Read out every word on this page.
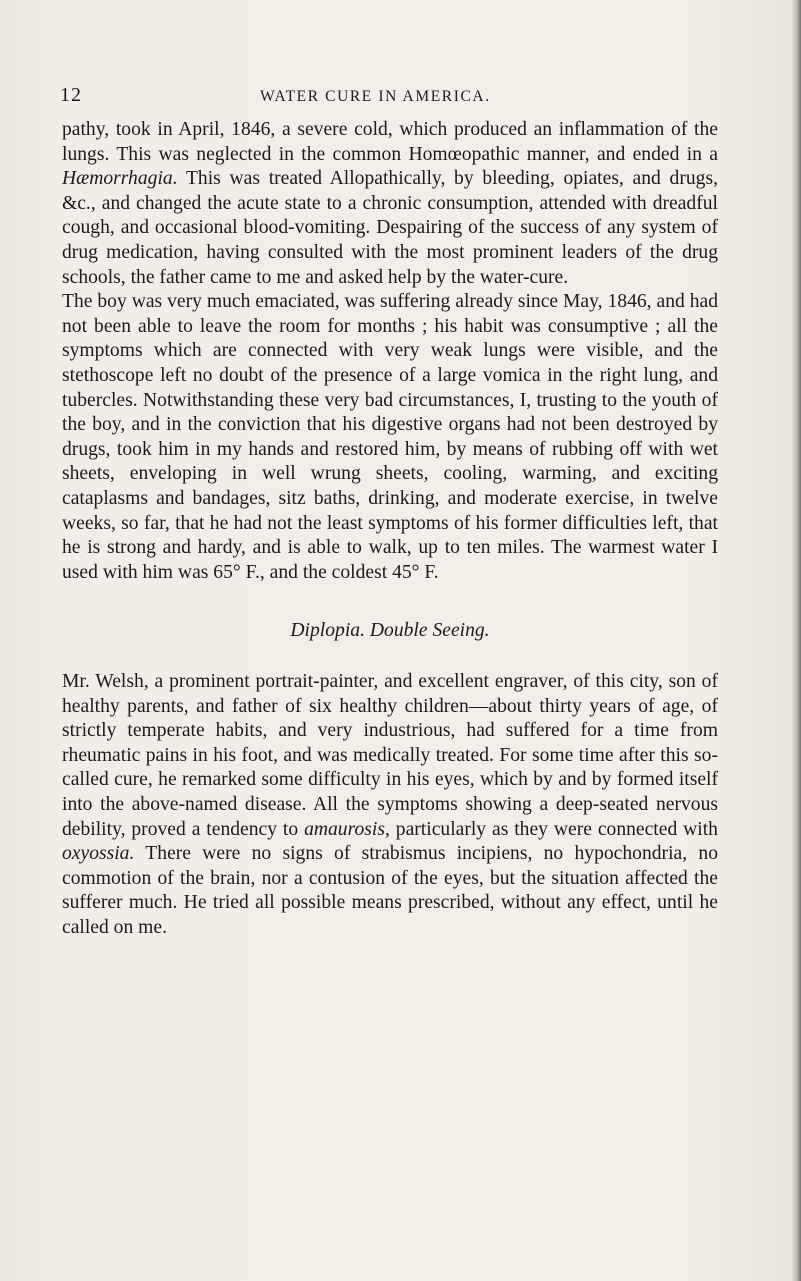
12	WATER CURE IN AMERICA.

pathy, took in April, 1846, a severe cold, which produced an inflammation of the lungs. This was neglected in the common Homœopathic manner, and ended in a Hæmorrhagia. This was treated Allopathically, by bleeding, opiates, and drugs, &c., and changed the acute state to a chronic consumption, attended with dreadful cough, and occasional blood-vomiting. Despairing of the success of any system of drug medication, having consulted with the most prominent leaders of the drug schools, the father came to me and asked help by the water-cure.

The boy was very much emaciated, was suffering already since May, 1846, and had not been able to leave the room for months ; his habit was consumptive ; all the symptoms which are connected with very weak lungs were visible, and the stethoscope left no doubt of the presence of a large vomica in the right lung, and tubercles. Notwithstanding these very bad circumstances, I, trusting to the youth of the boy, and in the conviction that his digestive organs had not been destroyed by drugs, took him in my hands and restored him, by means of rubbing off with wet sheets, enveloping in well wrung sheets, cooling, warming, and exciting cataplasms and bandages, sitz baths, drinking, and moderate exercise, in twelve weeks, so far, that he had not the least symptoms of his former difficulties left, that he is strong and hardy, and is able to walk, up to ten miles. The warmest water I used with him was 65° F., and the coldest 45° F.

Diplopia. Double Seeing.

Mr. Welsh, a prominent portrait-painter, and excellent engraver, of this city, son of healthy parents, and father of six healthy children—about thirty years of age, of strictly temperate habits, and very industrious, had suffered for a time from rheumatic pains in his foot, and was medically treated. For some time after this so-called cure, he remarked some difficulty in his eyes, which by and by formed itself into the above-named disease. All the symptoms showing a deep-seated nervous debility, proved a tendency to amaurosis, particularly as they were connected with oxyossia. There were no signs of strabismus incipiens, no hypochondria, no commotion of the brain, nor a contusion of the eyes, but the situation affected the sufferer much. He tried all possible means prescribed, without any effect, until he called on me.
